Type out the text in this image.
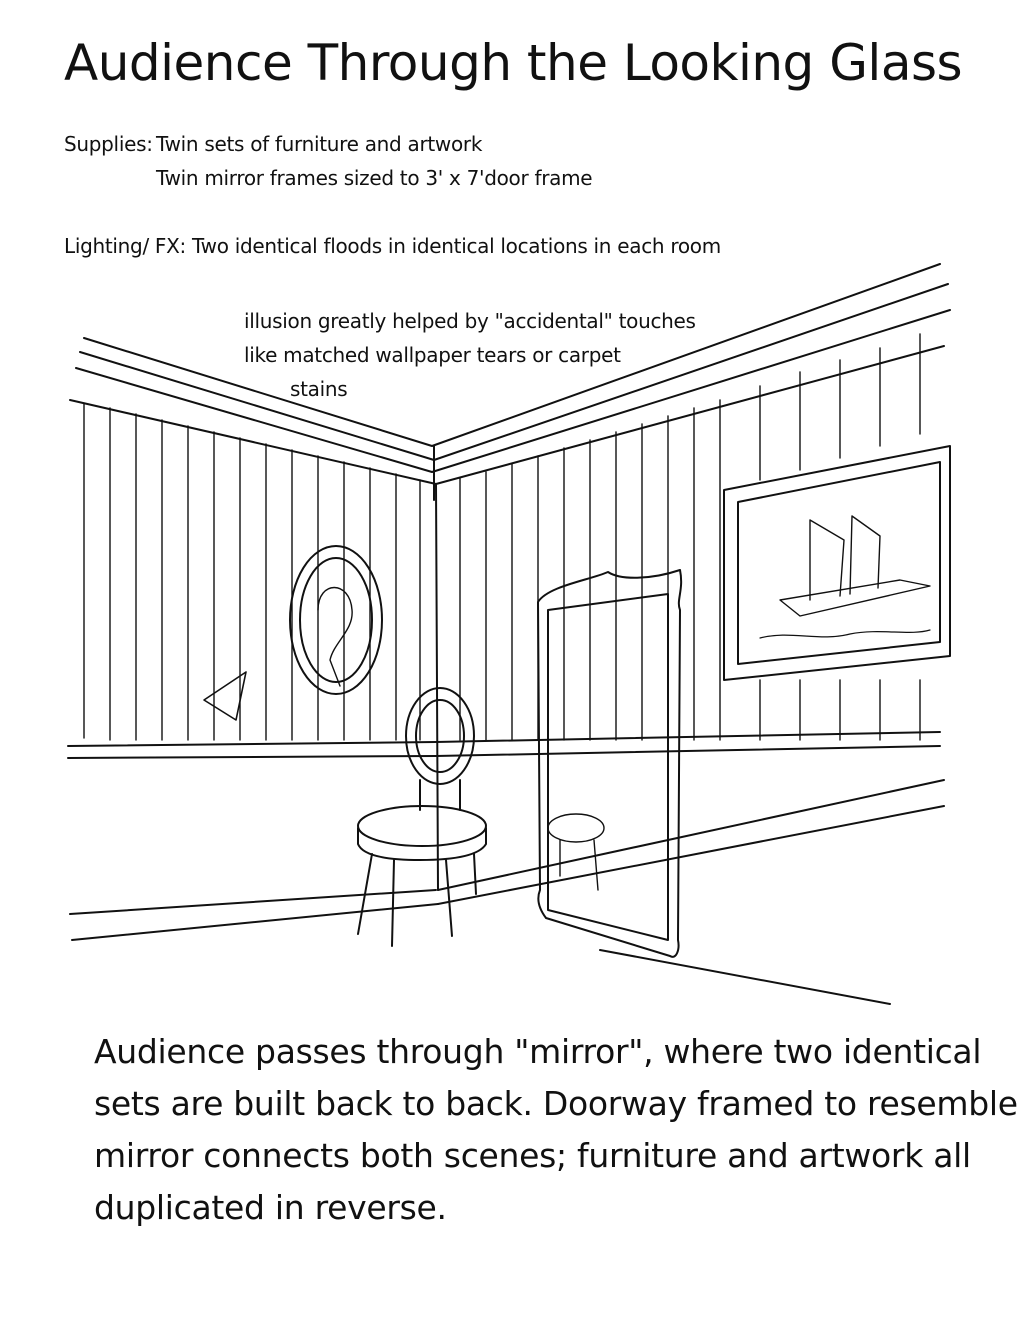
Audience Through the Looking Glass
Supplies: Twin sets of furniture and artwork
Twin mirror frames sized to 3' x 7'door frame
Lighting/ FX: Two identical floods in identical locations in each room
illusion greatly helped by "accidental" touches
like matched wallpaper tears or carpet
stains
Audience passes through "mirror", where two identical
sets are built back to back. Doorway framed to resemble
mirror connects both scenes; furniture and artwork all
duplicated in reverse.
